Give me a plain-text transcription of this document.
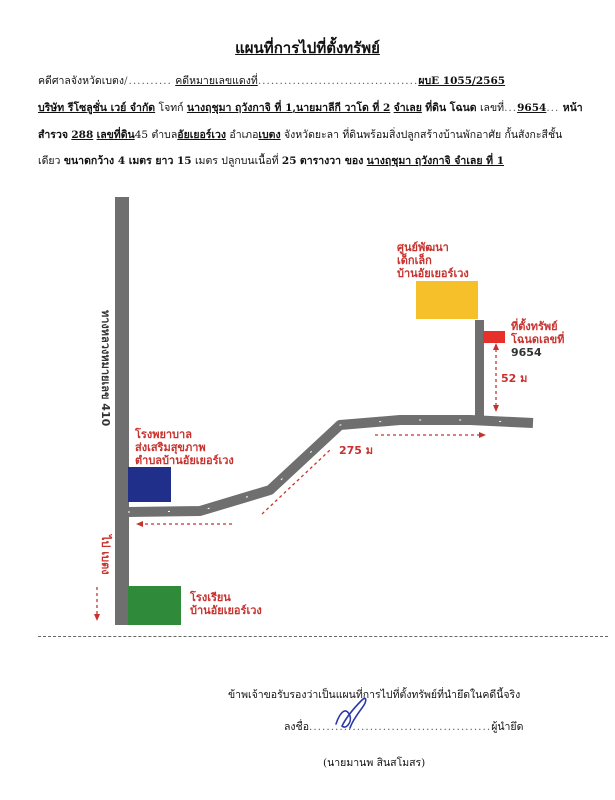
แผนที่การไปที่ตั้งทรัพย์
คดีศาลจังหวัดเบตง/.......... คดีหมายเลขแดงที่.....................................ผบE 1055/2565
บริษัท รีโซลูชั่น เวย์ จำกัด โจทก์ นางฤชุมา ฤวังกาจิ ที่ 1,นายมาลีกี วาโด ที่ 2 จำเลย ที่ดิน โฉนด เลขที่...9654... หน้า
สำรวจ 288 เลขที่ดิน45 ตำบลอัยเยอร์เวง อำเภอเบตง จังหวัดยะลา ที่ดินพร้อมสิ่งปลูกสร้างบ้านพักอาศัย กั้นสังกะสีชั้น
เดียว ขนาดกว้าง 4 เมตร ยาว 15 เมตร ปลูกบนเนื้อที่ 25 ตารางวา ของ นางฤชุมา ฤวังกาจิ จำเลย ที่ 1
ทางหลวงหมายเลข 410
ไป เบตง
ศูนย์พัฒนา
เด็กเล็ก
บ้านอัยเยอร์เวง
ที่ตั้งทรัพย์
โฉนดเลขที่
9654
52 ม
275 ม
โรงพยาบาล
ส่งเสริมสุขภาพ
ตำบลบ้านอัยเยอร์เวง
โรงเรียน
บ้านอัยเยอร์เวง
ข้าพเจ้าขอรับรองว่าเป็นแผนที่การไปที่ตั้งทรัพย์ที่นำยึดในคดีนี้จริง
ลงชื่อ..........................................ผู้นำยึด
(นายมานพ สินสโมสร)
